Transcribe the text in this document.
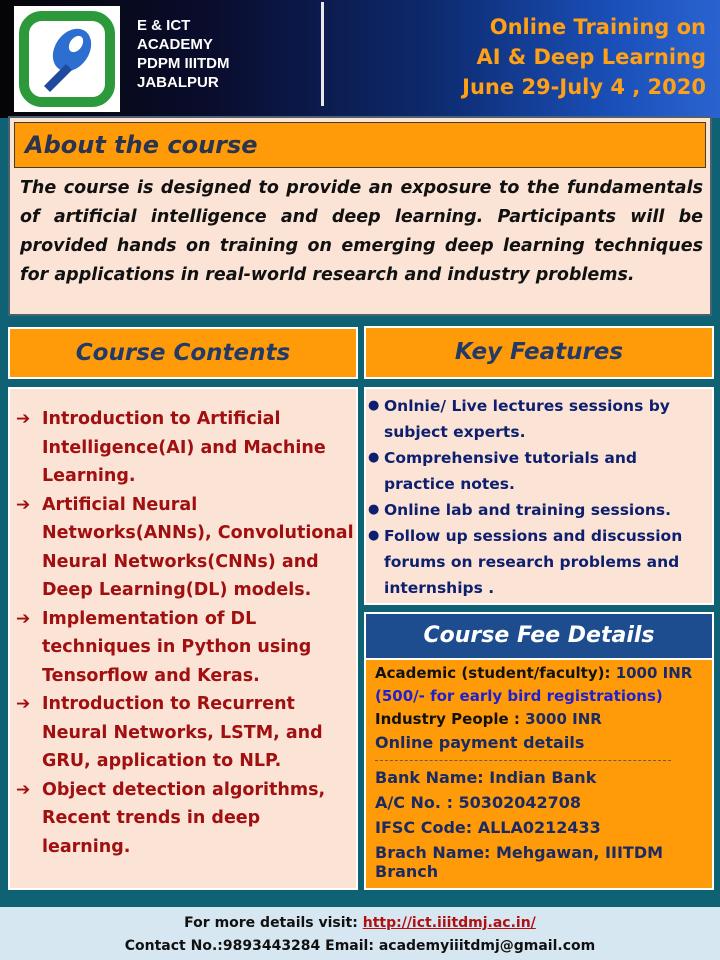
E & ICT
ACADEMY
PDPM IIITDM
JABALPUR
Online Training on
AI & Deep Learning
June 29-July 4 , 2020
About the course
The course is designed to provide an exposure to the fundamentals of artificial intelligence and deep learning. Participants will be provided hands on training on emerging deep learning techniques for applications in real-world research and industry problems.
Course Contents	Key Features
➔ Introduction to Artificial Intelligence(AI) and Machine Learning.
➔ Artificial Neural Networks(ANNs), Convolutional Neural Networks(CNNs) and Deep Learning(DL) models.
➔ Implementation of DL techniques in Python using Tensorflow and Keras.
➔ Introduction to Recurrent Neural Networks, LSTM, and GRU, application to NLP.
➔ Object detection algorithms, Recent trends in deep learning.
● Onlnie/ Live lectures sessions by subject experts.
● Comprehensive tutorials and practice notes.
● Online lab and training sessions.
● Follow up sessions and discussion forums on research problems and internships .
Course Fee Details
Academic (student/faculty): 1000 INR
(500/- for early bird registrations)
Industry People : 3000 INR
Online payment details
Bank Name: Indian Bank
A/C No. : 50302042708
IFSC Code: ALLA0212433
Brach Name: Mehgawan, IIITDM
Branch
For more details visit: http://ict.iiitdmj.ac.in/
Contact No.:9893443284 Email: academyiiitdmj@gmail.com
